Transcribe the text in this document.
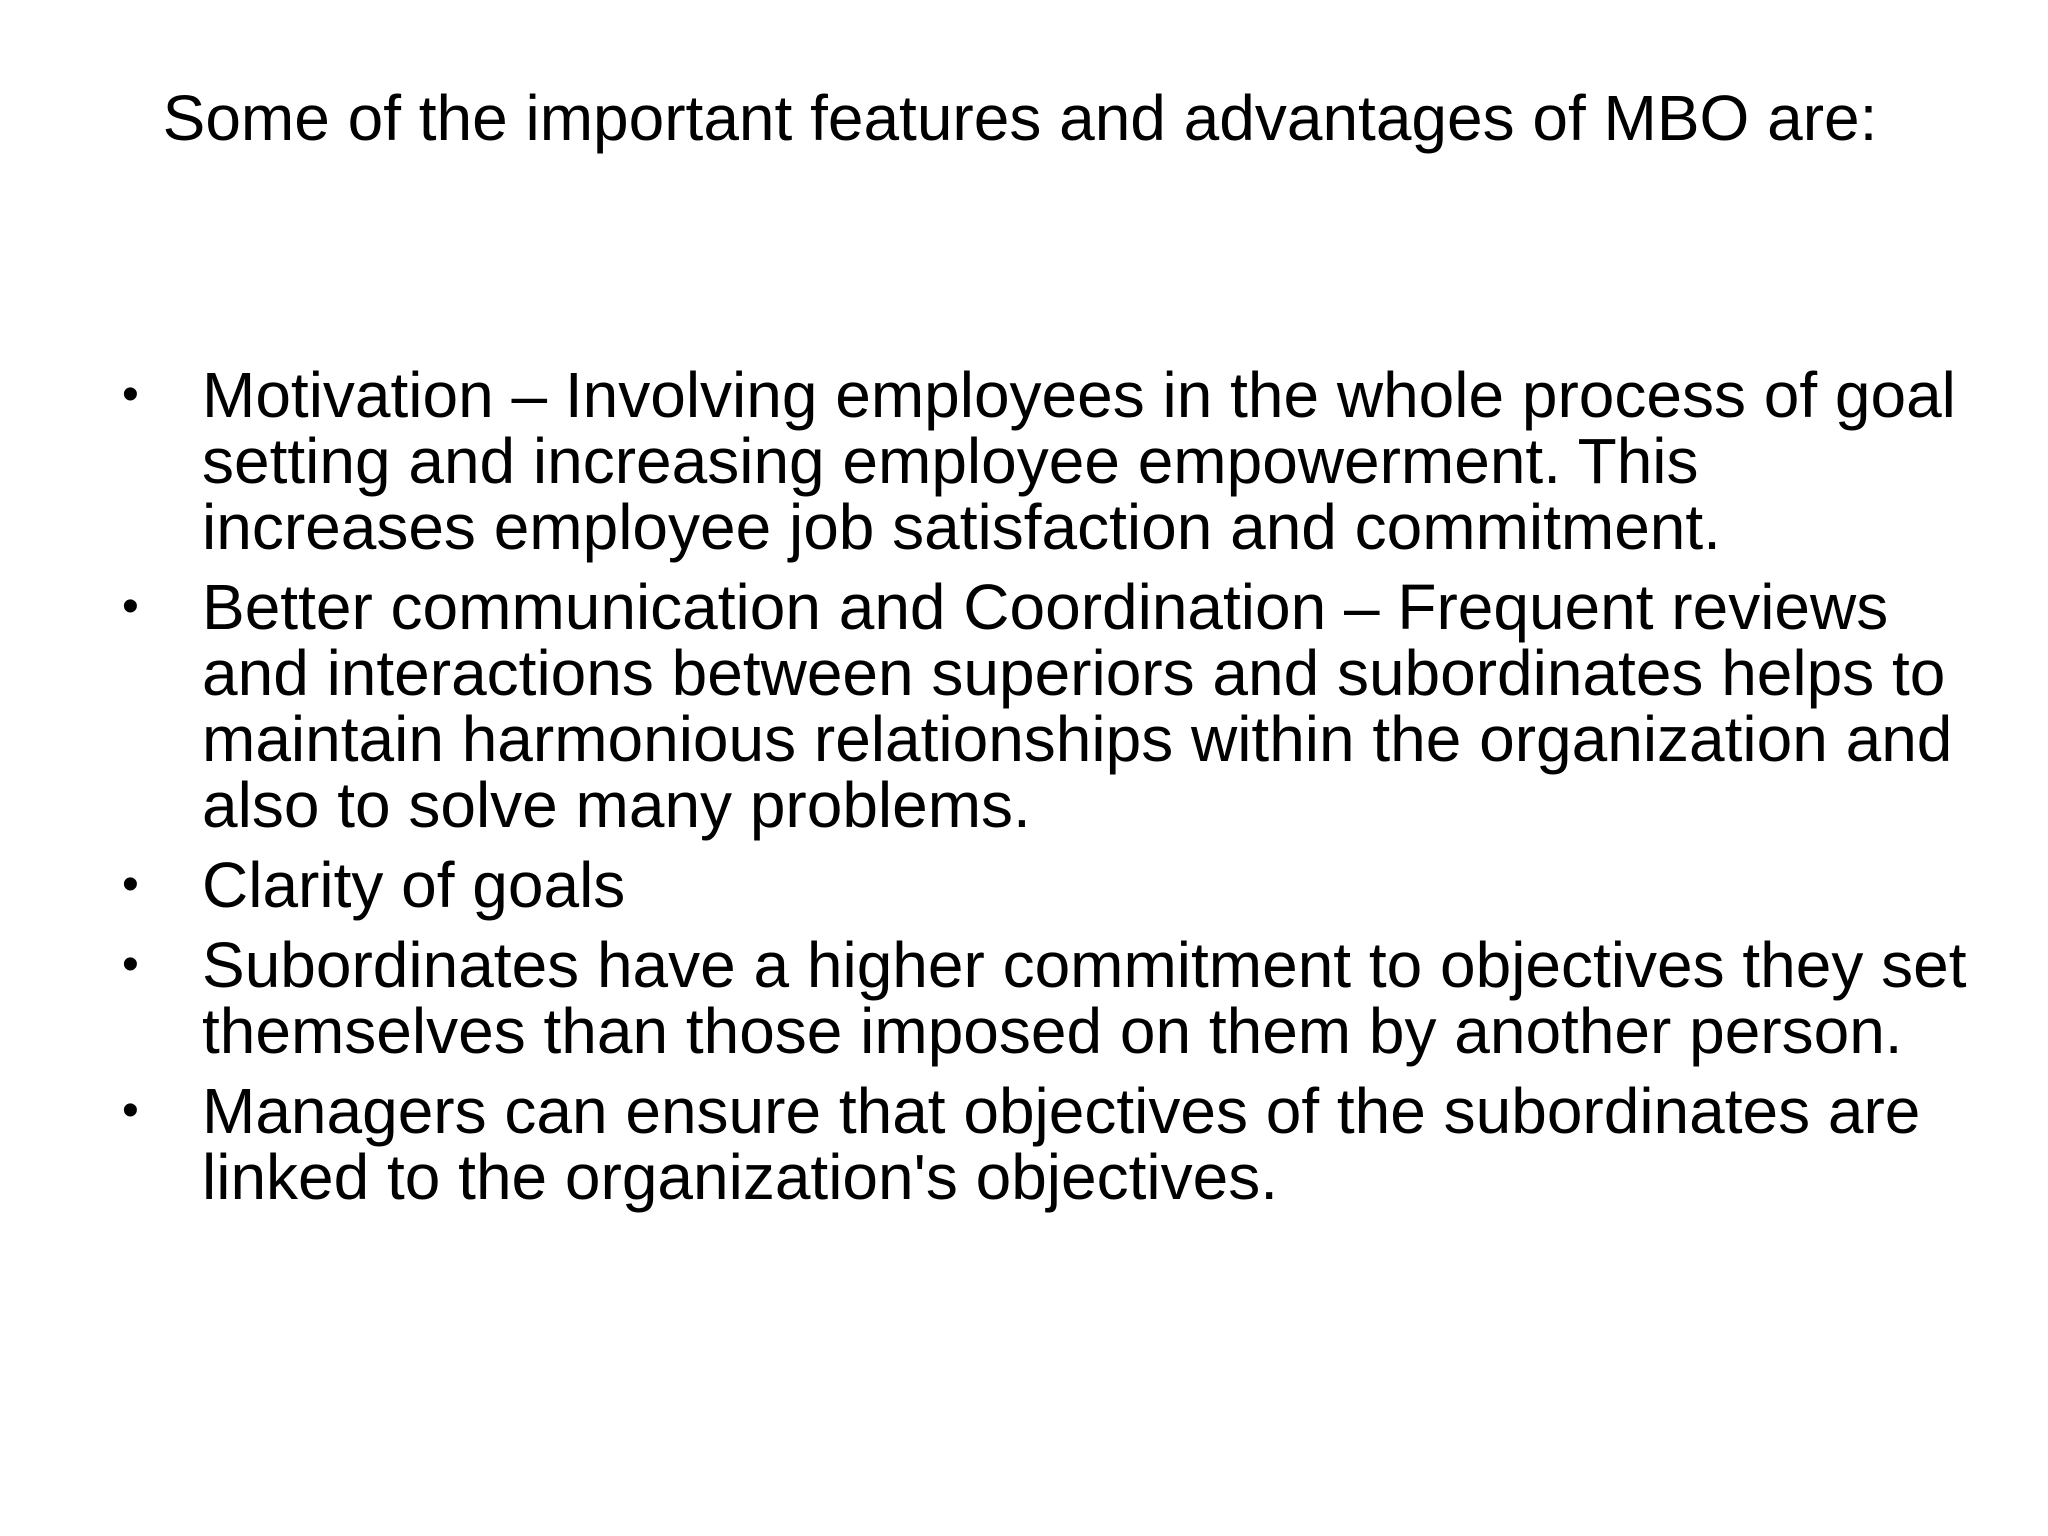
Some of the important features and advantages of MBO are:
• Motivation – Involving employees in the whole process of goal setting and increasing employee empowerment. This increases employee job satisfaction and commitment.
• Better communication and Coordination – Frequent reviews and interactions between superiors and subordinates helps to maintain harmonious relationships within the organization and also to solve many problems.
• Clarity of goals
• Subordinates have a higher commitment to objectives they set themselves than those imposed on them by another person.
• Managers can ensure that objectives of the subordinates are linked to the organization's objectives.
